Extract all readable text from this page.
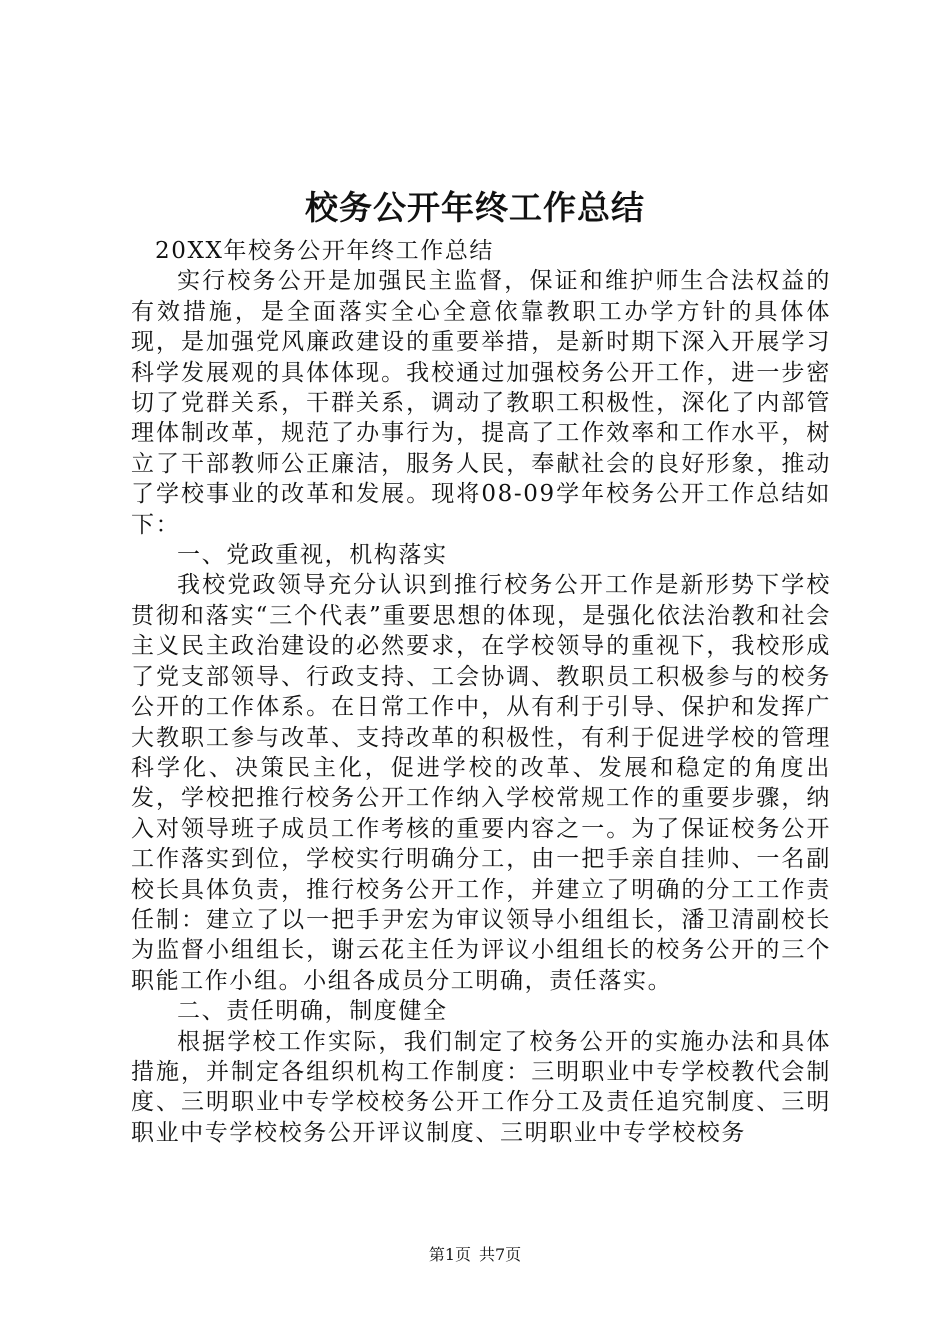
校务公开年终工作总结

20XX年校务公开年终工作总结

实行校务公开是加强民主监督，保证和维护师生合法权益的有效措施，是全面落实全心全意依靠教职工办学方针的具体体现，是加强党风廉政建设的重要举措，是新时期下深入开展学习科学发展观的具体体现。我校通过加强校务公开工作，进一步密切了党群关系，干群关系，调动了教职工积极性，深化了内部管理体制改革，规范了办事行为，提高了工作效率和工作水平，树立了干部教师公正廉洁，服务人民，奉献社会的良好形象，推动了学校事业的改革和发展。现将08-09学年校务公开工作总结如下：

一、党政重视，机构落实

我校党政领导充分认识到推行校务公开工作是新形势下学校贯彻和落实“三个代表”重要思想的体现，是强化依法治教和社会主义民主政治建设的必然要求，在学校领导的重视下，我校形成了党支部领导、行政支持、工会协调、教职员工积极参与的校务公开的工作体系。在日常工作中，从有利于引导、保护和发挥广大教职工参与改革、支持改革的积极性，有利于促进学校的管理科学化、决策民主化，促进学校的改革、发展和稳定的角度出发，学校把推行校务公开工作纳入学校常规工作的重要步骤，纳入对领导班子成员工作考核的重要内容之一。为了保证校务公开工作落实到位，学校实行明确分工，由一把手亲自挂帅、一名副校长具体负责，推行校务公开工作，并建立了明确的分工工作责任制：建立了以一把手尹宏为审议领导小组组长，潘卫清副校长为监督小组组长，谢云花主任为评议小组组长的校务公开的三个职能工作小组。小组各成员分工明确，责任落实。

二、责任明确，制度健全

根据学校工作实际，我们制定了校务公开的实施办法和具体措施，并制定各组织机构工作制度：三明职业中专学校教代会制度、三明职业中专学校校务公开工作分工及责任追究制度、三明职业中专学校校务公开评议制度、三明职业中专学校校务

第1页 共7页
